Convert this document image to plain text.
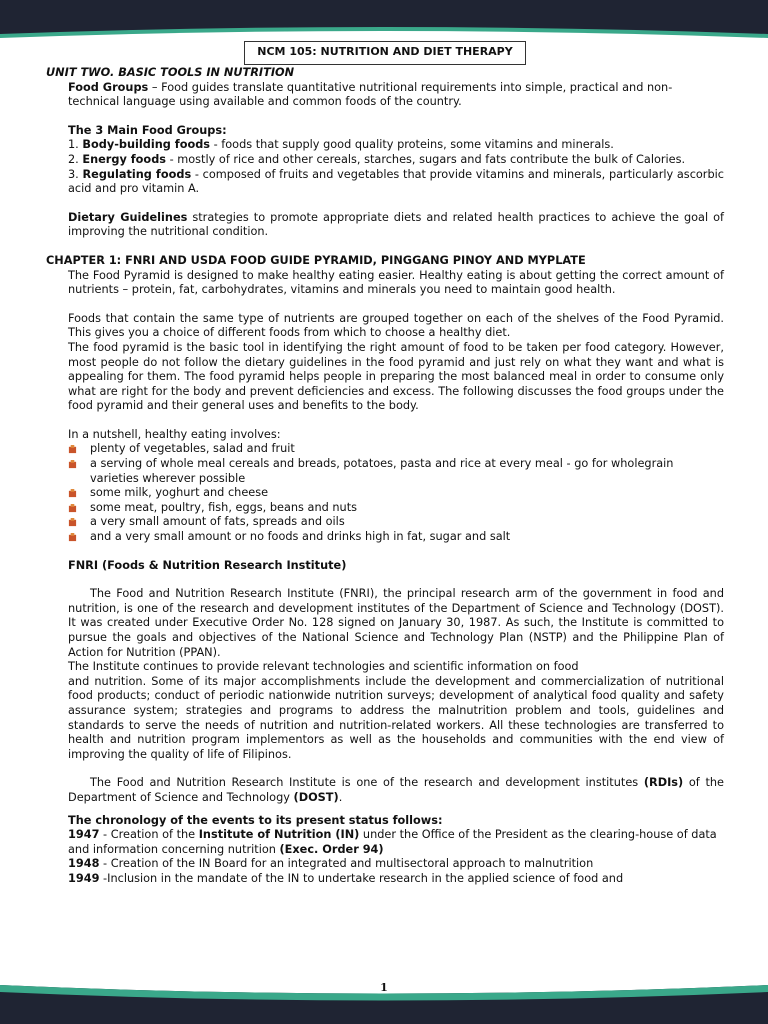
NCM 105: NUTRITION AND DIET THERAPY
UNIT TWO. BASIC TOOLS IN NUTRITION
Food Groups – Food guides translate quantitative nutritional requirements into simple, practical and non- technical language using available and common foods of the country.
The 3 Main Food Groups:
1. Body-building foods - foods that supply good quality proteins, some vitamins and minerals.
2. Energy foods - mostly of rice and other cereals, starches, sugars and fats contribute the bulk of Calories.
3. Regulating foods - composed of fruits and vegetables that provide vitamins and minerals, particularly ascorbic acid and pro vitamin A.
Dietary Guidelines strategies to promote appropriate diets and related health practices to achieve the goal of improving the nutritional condition.
CHAPTER 1: FNRI AND USDA FOOD GUIDE PYRAMID, PINGGANG PINOY AND MYPLATE
The Food Pyramid is designed to make healthy eating easier. Healthy eating is about getting the correct amount of nutrients – protein, fat, carbohydrates, vitamins and minerals you need to maintain good health.
Foods that contain the same type of nutrients are grouped together on each of the shelves of the Food Pyramid. This gives you a choice of different foods from which to choose a healthy diet.
The food pyramid is the basic tool in identifying the right amount of food to be taken per food category. However, most people do not follow the dietary guidelines in the food pyramid and just rely on what they want and what is appealing for them. The food pyramid helps people in preparing the most balanced meal in order to consume only what are right for the body and prevent deficiencies and excess. The following discusses the food groups under the food pyramid and their general uses and benefits to the body.
In a nutshell, healthy eating involves:
plenty of vegetables, salad and fruit
a serving of whole meal cereals and breads, potatoes, pasta and rice at every meal - go for wholegrain varieties wherever possible
some milk, yoghurt and cheese
some meat, poultry, fish, eggs, beans and nuts
a very small amount of fats, spreads and oils
and a very small amount or no foods and drinks high in fat, sugar and salt
FNRI (Foods & Nutrition Research Institute)
The Food and Nutrition Research Institute (FNRI), the principal research arm of the government in food and nutrition, is one of the research and development institutes of the Department of Science and Technology (DOST). It was created under Executive Order No. 128 signed on January 30, 1987. As such, the Institute is committed to pursue the goals and objectives of the National Science and Technology Plan (NSTP) and the Philippine Plan of Action for Nutrition (PPAN).
The Institute continues to provide relevant technologies and scientific information on food
and nutrition. Some of its major accomplishments include the development and commercialization of nutritional food products; conduct of periodic nationwide nutrition surveys; development of analytical food quality and safety assurance system; strategies and programs to address the malnutrition problem and tools, guidelines and standards to serve the needs of nutrition and nutrition-related workers. All these technologies are transferred to health and nutrition program implementors as well as the households and communities with the end view of improving the quality of life of Filipinos.
The Food and Nutrition Research Institute is one of the research and development institutes (RDIs) of the Department of Science and Technology (DOST).
The chronology of the events to its present status follows:
1947 - Creation of the Institute of Nutrition (IN) under the Office of the President as the clearing-house of data and information concerning nutrition (Exec. Order 94)
1948 - Creation of the IN Board for an integrated and multisectoral approach to malnutrition
1949 -Inclusion in the mandate of the IN to undertake research in the applied science of food and
1
